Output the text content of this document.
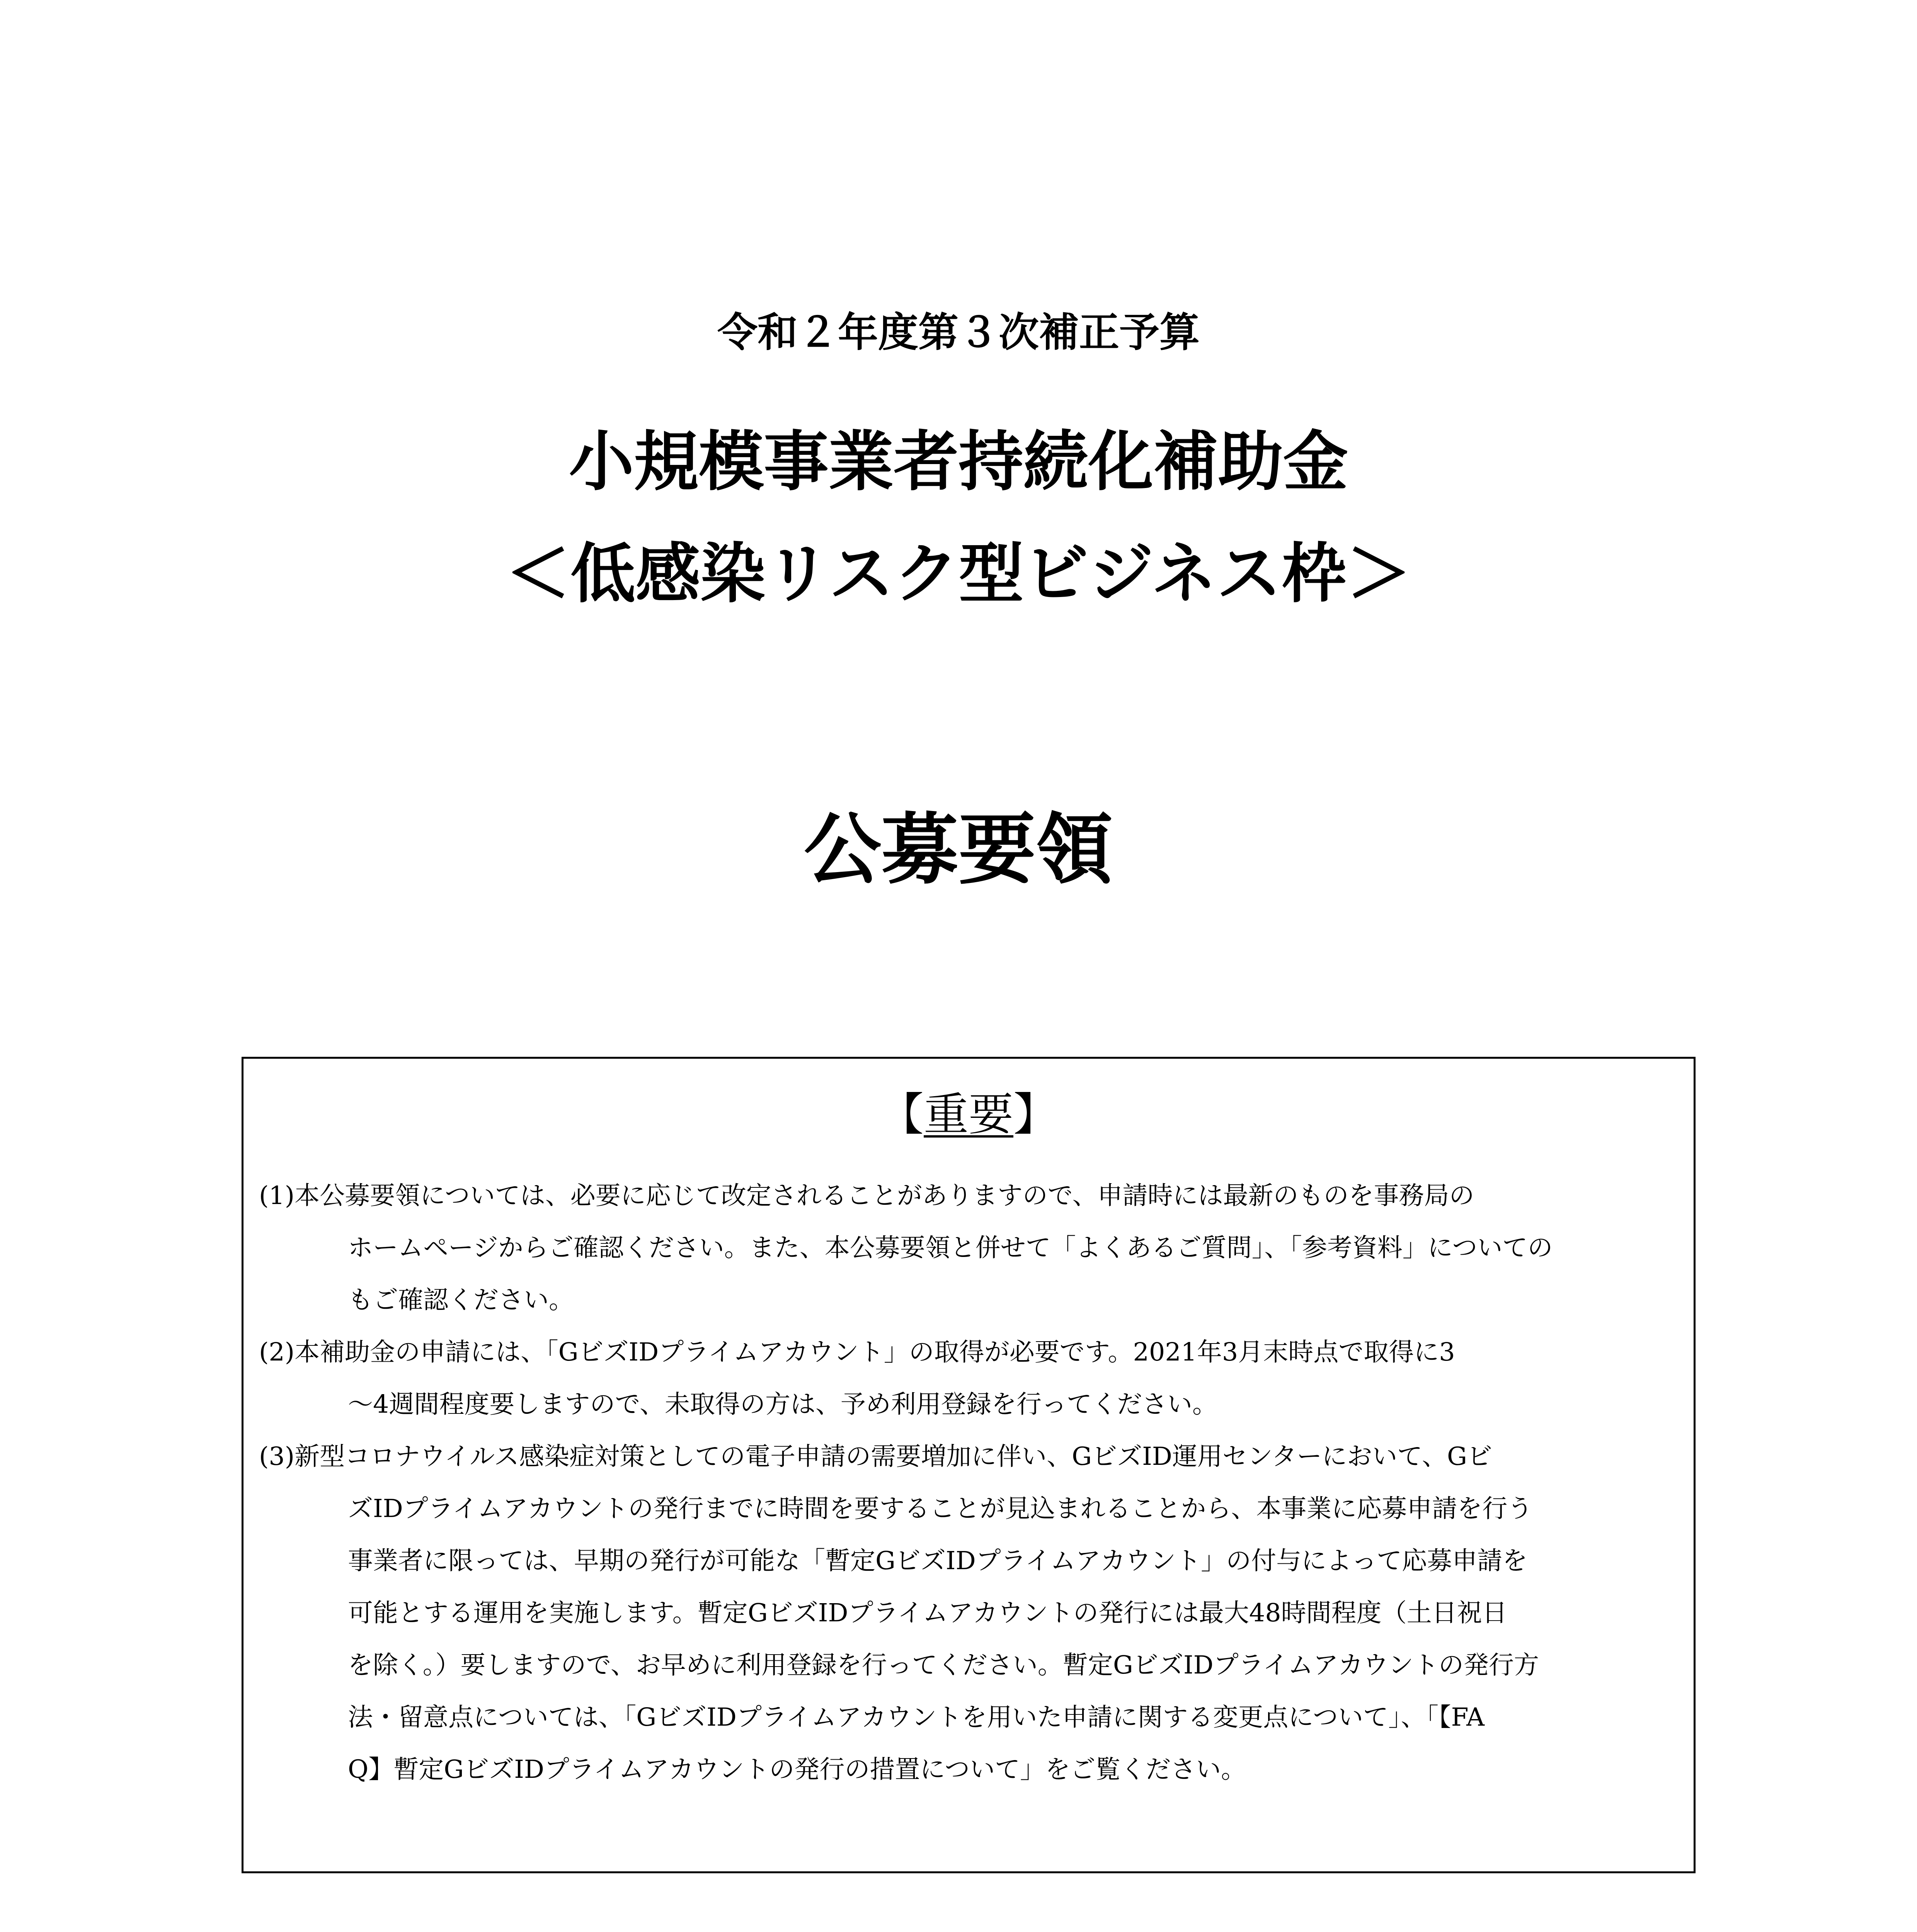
令和２年度第３次補正予算
小規模事業者持続化補助金
＜低感染リスク型ビジネス枠＞
公募要領
【重要】
(1)本公募要領については、必要に応じて改定されることがありますので、申請時には最新のものを事務局の
ホームページからご確認ください。また、本公募要領と併せて「よくあるご質問」、「参考資料」についての
もご確認ください。
(2)本補助金の申請には、「GビズIDプライムアカウント」の取得が必要です。2021年3月末時点で取得に3
～4週間程度要しますので、未取得の方は、予め利用登録を行ってください。
(3)新型コロナウイルス感染症対策としての電子申請の需要増加に伴い、GビズID運用センターにおいて、Gビ
ズIDプライムアカウントの発行までに時間を要することが見込まれることから、本事業に応募申請を行う
事業者に限っては、早期の発行が可能な「暫定GビズIDプライムアカウント」の付与によって応募申請を
可能とする運用を実施します。暫定GビズIDプライムアカウントの発行には最大48時間程度（土日祝日
を除く。）要しますので、お早めに利用登録を行ってください。暫定GビズIDプライムアカウントの発行方
法・留意点については、「GビズIDプライムアカウントを用いた申請に関する変更点について」、「【FA
Q】暫定GビズIDプライムアカウントの発行の措置について」をご覧ください。
